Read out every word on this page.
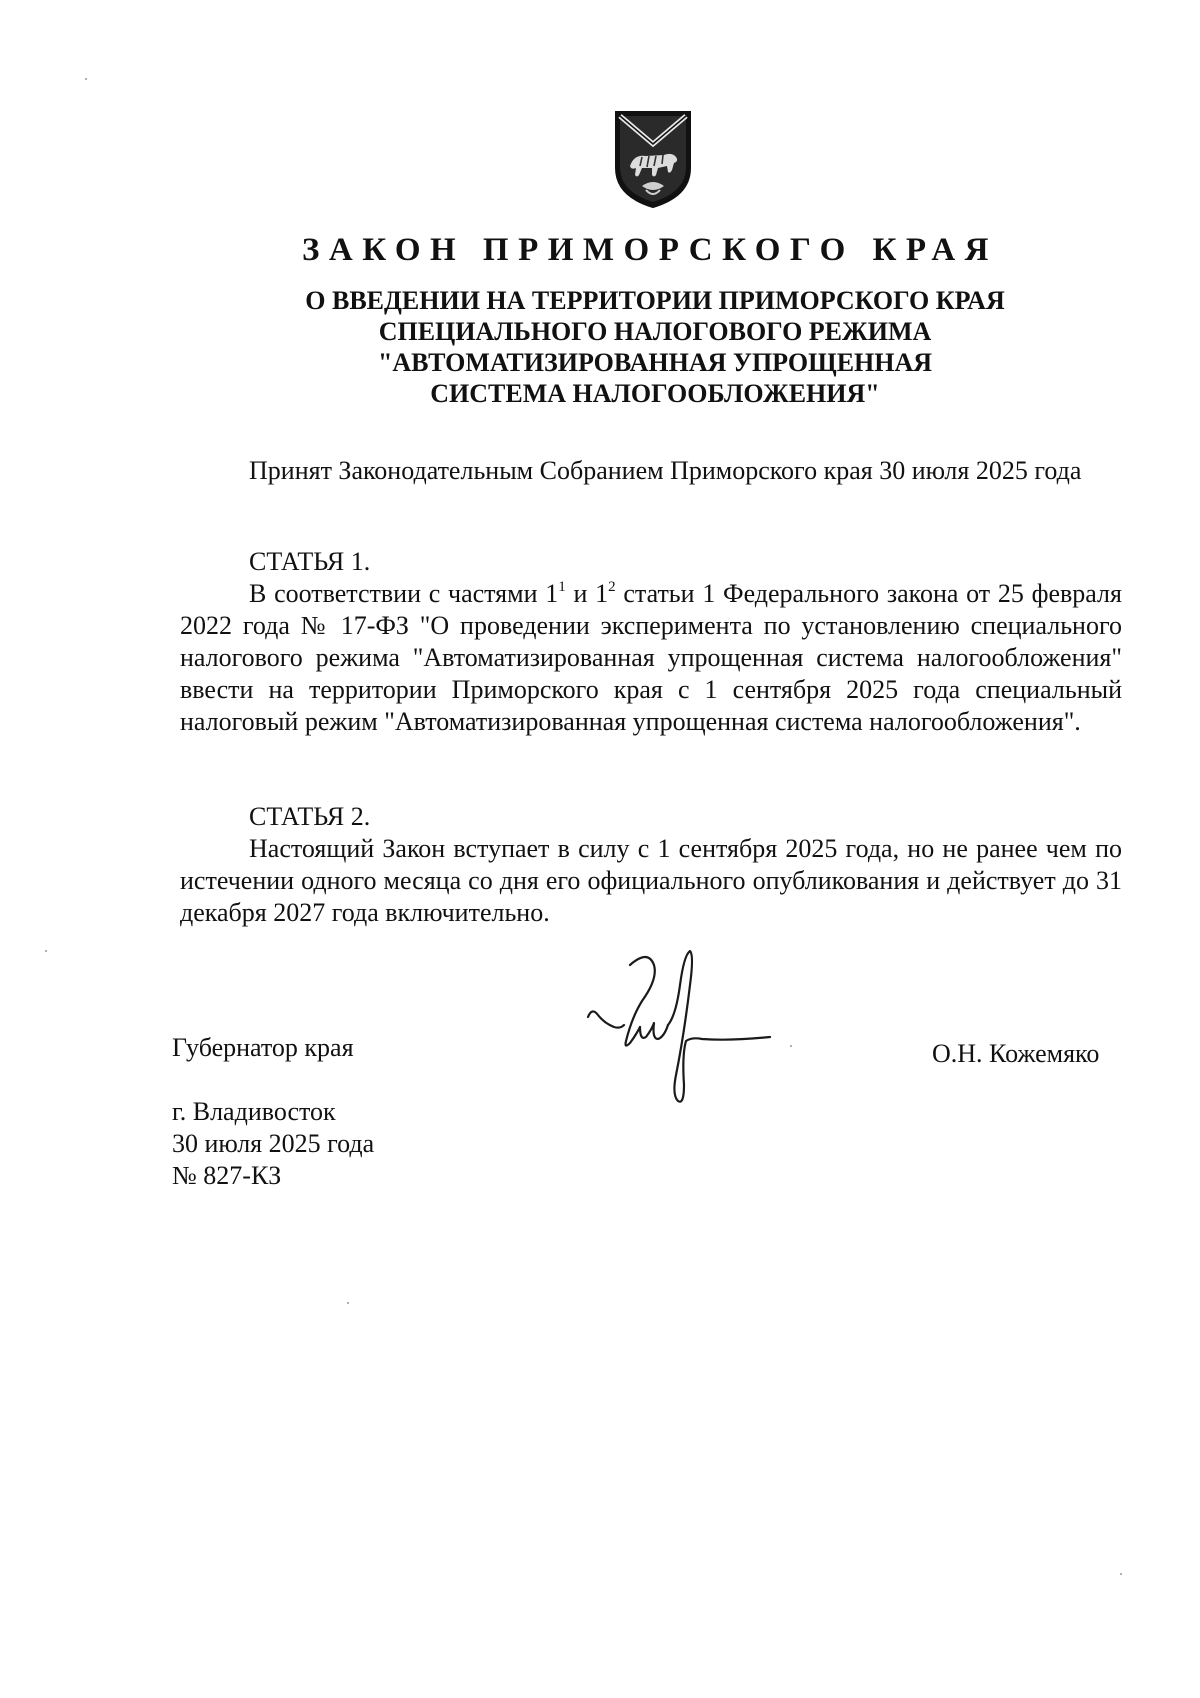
ЗАКОН ПРИМОРСКОГО КРАЯ
О ВВЕДЕНИИ НА ТЕРРИТОРИИ ПРИМОРСКОГО КРАЯ
СПЕЦИАЛЬНОГО НАЛОГОВОГО РЕЖИМА
"АВТОМАТИЗИРОВАННАЯ УПРОЩЕННАЯ
СИСТЕМА НАЛОГООБЛОЖЕНИЯ"
Принят Законодательным Собранием Приморского края 30 июля 2025 года
СТАТЬЯ 1.
В соответствии с частями $1^1$ и $1^2$ статьи 1 Федерального закона от 25 февраля 2022 года № 17-ФЗ "О проведении эксперимента по установлению специального налогового режима "Автоматизированная упрощенная система налогообложения" ввести на территории Приморского края с 1 сентября 2025 года специальный налоговый режим "Автоматизированная упрощенная система налогообложения".
СТАТЬЯ 2.
Настоящий Закон вступает в силу с 1 сентября 2025 года, но не ранее чем по истечении одного месяца со дня его официального опубликования и действует до 31 декабря 2027 года включительно.
Губернатор края	О.Н. Кожемяко
г. Владивосток
30 июля 2025 года
№ 827-КЗ
